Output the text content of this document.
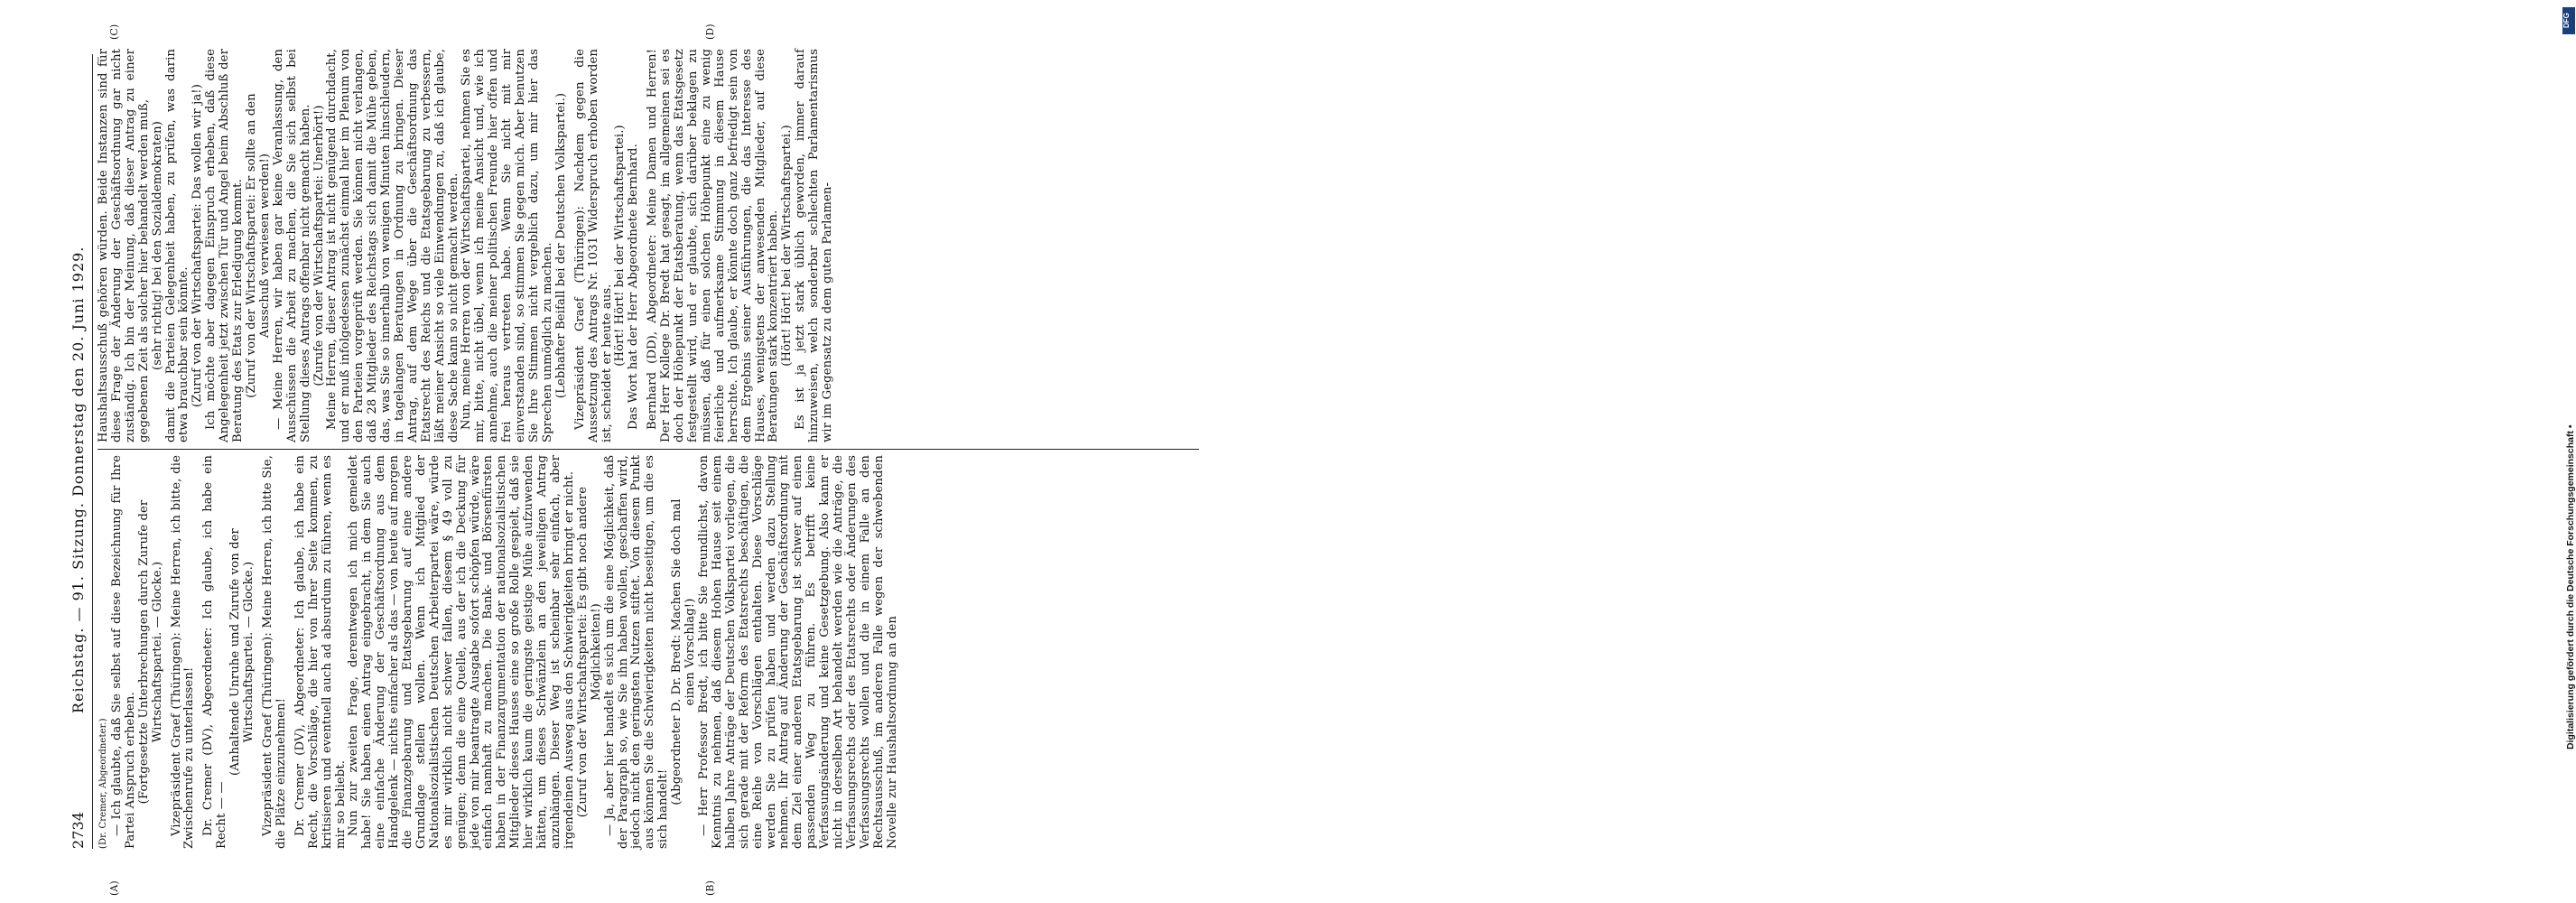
2734
Reichstag. — 91. Sitzung. Donnerstag den 20. Juni 1929.
(A)	(B)
(C)	(D)

(Dr. Cremer, Abgeordneter.) — Ich glaubte, daß Sie selbst auf diese Bezeichnung für Ihre Partei Anspruch erheben. (Fortgesetzte Unterbrechungen durch Zurufe der Wirtschaftspartei. — Glocke.) Vizepräsident Graef (Thüringen): Meine Herren, ich bitte, die Zwischenrufe zu unterlassen! Dr. Cremer (DV), Abgeordneter: Ich glaube, ich habe ein Recht — —

(Anhaltende Unruhe und Zurufe von der Wirtschaftspartei. — Glocke.) Vizepräsident Graef (Thüringen): Meine Herren, ich bitte Sie, die Plätze einzunehmen! Dr. Cremer (DV), Abgeordneter: Ich glaube, ich habe ein Recht, die Vorschläge, die hier von Ihrer Seite kommen, zu kritisieren und eventuell auch ad absurdum zu führen, wenn es mir so beliebt. Nun zur zweiten Frage, derentwegen ich mich gemeldet habe! Sie haben einen Antrag eingebracht, in dem Sie auch eine einfache Änderung der Geschäftsordnung aus dem Handgelenk — nichts einfacher als das — von heute auf morgen die Finanzgebarung und Etatsgebarung auf eine andere Grundlage stellen wollen. Wenn ich Mitglied der Nationalsozialistischen Deutschen Arbeiterpartei wäre, würde es mir wirklich nicht schwer fallen, diesem § 49 voll zu genügen; denn die eine Quelle, aus der ich die Deckung für jede von mir beantragte Ausgabe sofort schöpfen würde, wäre einfach namhaft zu machen. Die Bank- und Börsenfürsten haben in der Finanzargumentation der nationalsozialistischen Mitglieder dieses Hauses eine so große Rolle gespielt, daß sie hier wirklich kaum die geringste geistige Mühe aufzuwenden hätten, um dieses Schwänzlein an den jeweiligen Antrag anzuhängen. Dieser Weg ist scheinbar sehr einfach, aber irgendeinen Ausweg aus den Schwierigkeiten bringt er nicht. (Zuruf von der Wirtschaftspartei: Es gibt noch andere Möglichkeiten!) — Ja, aber hier handelt es sich um die eine Möglichkeit, daß der Paragraph so, wie Sie ihn haben wollen, geschaffen wird, jedoch nicht den geringsten Nutzen stiftet. Von diesem Punkt aus können Sie die Schwierigkeiten nicht beseitigen, um die es sich handelt!

(Abgeordneter D. Dr. Bredt: Machen Sie doch mal einen Vorschlag!) — Herr Professor Bredt, ich bitte Sie freundlichst, davon Kenntnis zu nehmen, daß diesem Hohen Hause seit einem halben Jahre Anträge der Deutschen Volkspartei vorliegen, die sich gerade mit der Reform des Etatsrechts beschäftigen, die eine Reihe von Vorschlägen enthalten. Diese Vorschläge werden Sie zu prüfen haben und werden dazu Stellung nehmen. Ihr Antrag auf Änderung der Geschäftsordnung mit dem Ziel einer anderen Etatsgebarung ist schwer auf einen passenden Weg zu führen. Es betrifft keine Verfassungsänderung und keine Gesetzgebung. Also kann er nicht in derselben Art behandelt werden wie die Anträge, die Verfassungsrechts oder des Etatsrechts oder Änderungen des Verfassungsrechts wollen und die in einem Falle an den Rechtsausschuß, im anderen Falle wegen der schwebenden Novelle zur Haushaltsordnung an den

Haushaltsausschuß gehören würden. Beide Instanzen sind für diese Frage der Änderung der Geschäftsordnung gar nicht zuständig. Ich bin der Meinung, daß dieser Antrag zu einer gegebenen Zeit als solcher hier behandelt werden muß, (sehr richtig! bei den Sozialdemokraten) damit die Parteien Gelegenheit haben, zu prüfen, was darin etwa brauchbar sein könnte. (Zuruf von der Wirtschaftspartei: Das wollen wir ja!) Ich möchte aber dagegen Einspruch erheben, daß diese Angelegenheit jetzt zwischen Tür und Angel beim Abschluß der Beratung des Etats zur Erledigung kommt. (Zuruf von der Wirtschaftspartei: Er sollte an den Ausschuß verwiesen werden!) — Meine Herren, wir haben gar keine Veranlassung, den Ausschüssen die Arbeit zu machen, die Sie sich selbst bei Stellung dieses Antrags offenbar nicht gemacht haben. (Zurufe von der Wirtschaftspartei: Unerhört!) Meine Herren, dieser Antrag ist nicht genügend durchdacht, und er muß infolgedessen zunächst einmal hier im Plenum von den Parteien vorgeprüft werden. Sie können nicht verlangen, daß 28 Mitglieder des Reichstags sich damit die Mühe geben, das, was Sie so innerhalb von wenigen Minuten hinschleudern, in tagelangen Beratungen in Ordnung zu bringen. Dieser Antrag, auf dem Wege über die Geschäftsordnung das Etatsrecht des Reichs und die Etatsgebarung zu verbessern, läßt meiner Ansicht so viele Einwendungen zu, daß ich glaube, diese Sache kann so nicht gemacht werden. Nun, meine Herren von der Wirtschaftspartei, nehmen Sie es mir, bitte, nicht übel, wenn ich meine Ansicht und, wie ich annehme, auch die meiner politischen Freunde hier offen und frei heraus vertreten habe. Wenn Sie nicht mit mir einverstanden sind, so stimmen Sie gegen mich. Aber benutzen Sie Ihre Stimmen nicht vergeblich dazu, um mir hier das Sprechen unmöglich zu machen. (Lebhafter Beifall bei der Deutschen Volkspartei.) Vizepräsident Graef (Thüringen): Nachdem gegen die Aussetzung des Antrags Nr. 1031 Widerspruch erhoben worden ist, scheidet er heute aus. (Hört! Hört! bei der Wirtschaftspartei.) Das Wort hat der Herr Abgeordnete Bernhard. Bernhard (DD), Abgeordneter: Meine Damen und Herren! Der Herr Kollege Dr. Bredt hat gesagt, im allgemeinen sei es doch der Höhepunkt der Etatsberatung, wenn das Etatsgesetz festgestellt wird, und er glaubte, sich darüber beklagen zu müssen, daß für einen solchen Höhepunkt eine zu wenig feierliche und aufmerksame Stimmung in diesem Hause herrschte. Ich glaube, er könnte doch ganz befriedigt sein von dem Ergebnis seiner Ausführungen, die das Interesse des Hauses, wenigstens der anwesenden Mitglieder, auf diese Beratungen stark konzentriert haben. (Hört! Hört! bei der Wirtschaftspartei.) Es ist ja jetzt stark üblich geworden, immer darauf hinzuweisen, welch sonderbar schlechten Parlamentarismus wir im Gegensatz zu dem guten Parlamen-

DFG
Digitalisierung gefördert durch die Deutsche Forschungsgemeinschaft •
